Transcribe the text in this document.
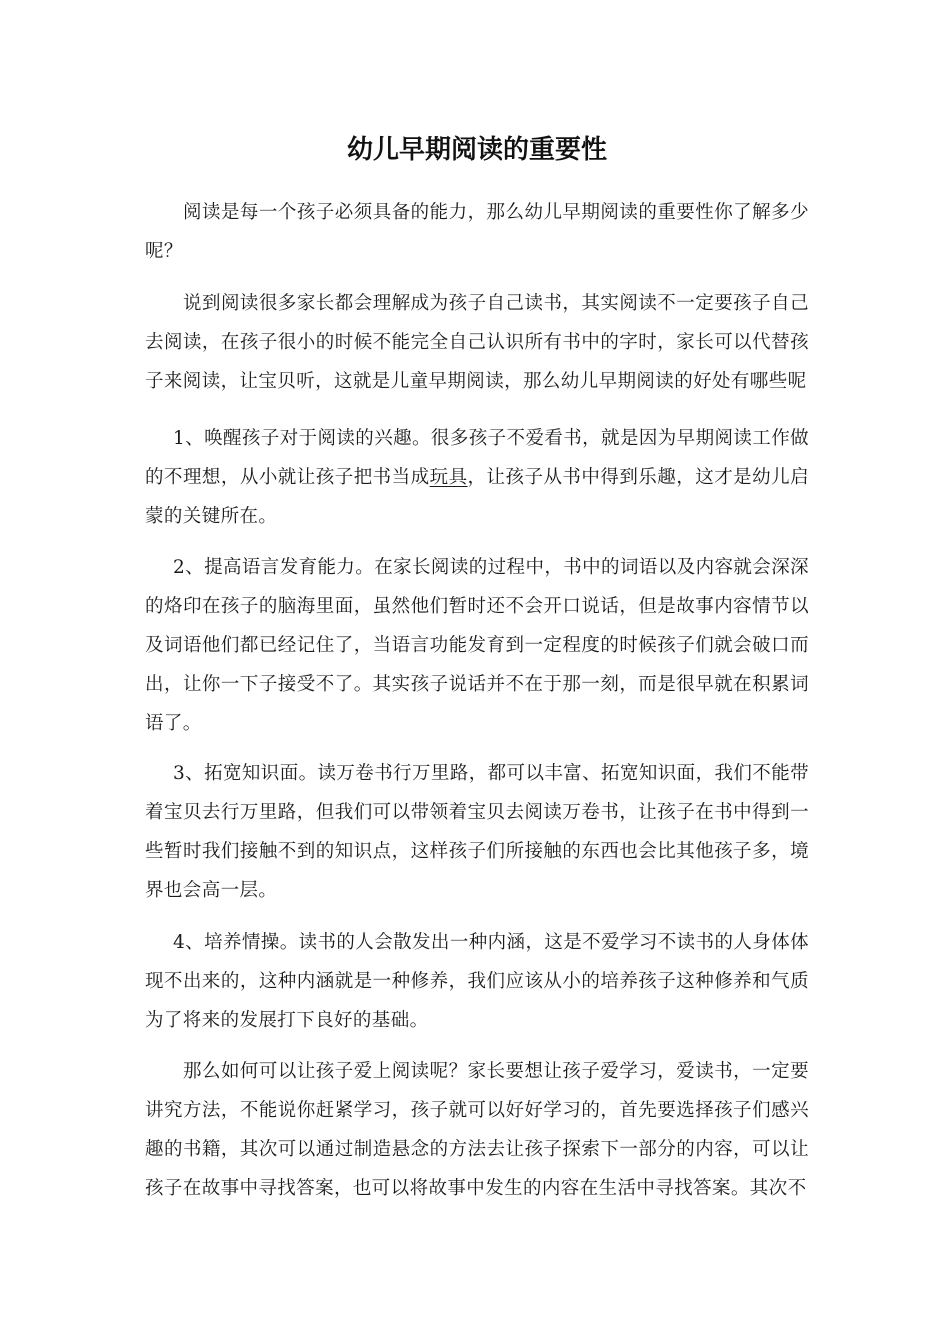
幼儿早期阅读的重要性

阅读是每一个孩子必须具备的能力，那么幼儿早期阅读的重要性你了解多少呢？

说到阅读很多家长都会理解成为孩子自己读书，其实阅读不一定要孩子自己去阅读，在孩子很小的时候不能完全自己认识所有书中的字时，家长可以代替孩子来阅读，让宝贝听，这就是儿童早期阅读，那么幼儿早期阅读的好处有哪些呢

1、唤醒孩子对于阅读的兴趣。很多孩子不爱看书，就是因为早期阅读工作做的不理想，从小就让孩子把书当成玩具，让孩子从书中得到乐趣，这才是幼儿启蒙的关键所在。

2、提高语言发育能力。在家长阅读的过程中，书中的词语以及内容就会深深的烙印在孩子的脑海里面，虽然他们暂时还不会开口说话，但是故事内容情节以及词语他们都已经记住了，当语言功能发育到一定程度的时候孩子们就会破口而出，让你一下子接受不了。其实孩子说话并不在于那一刻，而是很早就在积累词语了。

3、拓宽知识面。读万卷书行万里路，都可以丰富、拓宽知识面，我们不能带着宝贝去行万里路，但我们可以带领着宝贝去阅读万卷书，让孩子在书中得到一些暂时我们接触不到的知识点，这样孩子们所接触的东西也会比其他孩子多，境界也会高一层。

4、培养情操。读书的人会散发出一种内涵，这是不爱学习不读书的人身体体现不出来的，这种内涵就是一种修养，我们应该从小的培养孩子这种修养和气质为了将来的发展打下良好的基础。

那么如何可以让孩子爱上阅读呢？家长要想让孩子爱学习，爱读书，一定要讲究方法，不能说你赶紧学习，孩子就可以好好学习的，首先要选择孩子们感兴趣的书籍，其次可以通过制造悬念的方法去让孩子探索下一部分的内容，可以让孩子在故事中寻找答案，也可以将故事中发生的内容在生活中寻找答案。其次不
